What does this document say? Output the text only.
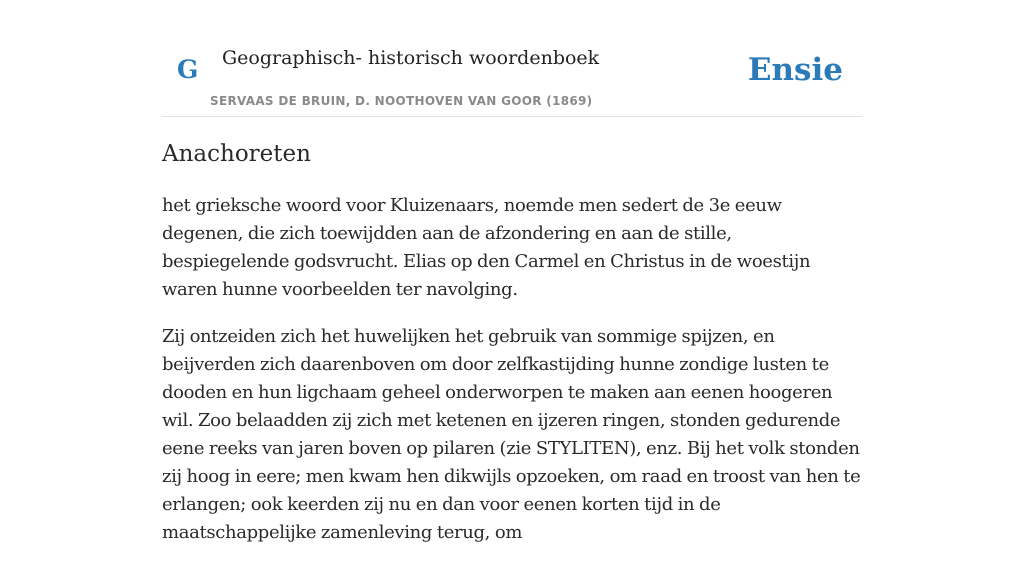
G Geographisch- historisch woordenboek
SERVAAS DE BRUIN, D. NOOTHOVEN VAN GOOR (1869)
Ensie
Anachoreten

het grieksche woord voor Kluizenaars, noemde men sedert de 3e eeuw degenen, die zich toewijdden aan de afzondering en aan de stille, bespiegelende godsvrucht. Elias op den Carmel en Christus in de woestijn waren hunne voorbeelden ter navolging.

Zij ontzeiden zich het huwelijken het gebruik van sommige spijzen, en beijverden zich daarenboven om door zelfkastijding hunne zondige lusten te dooden en hun ligchaam geheel onderworpen te maken aan eenen hoogeren wil. Zoo belaadden zij zich met ketenen en ijzeren ringen, stonden gedurende eene reeks van jaren boven op pilaren (zie STYLITEN), enz. Bij het volk stonden zij hoog in eere; men kwam hen dikwijls opzoeken, om raad en troost van hen te erlangen; ook keerden zij nu en dan voor eenen korten tijd in de maatschappelijke zamenleving terug, om
